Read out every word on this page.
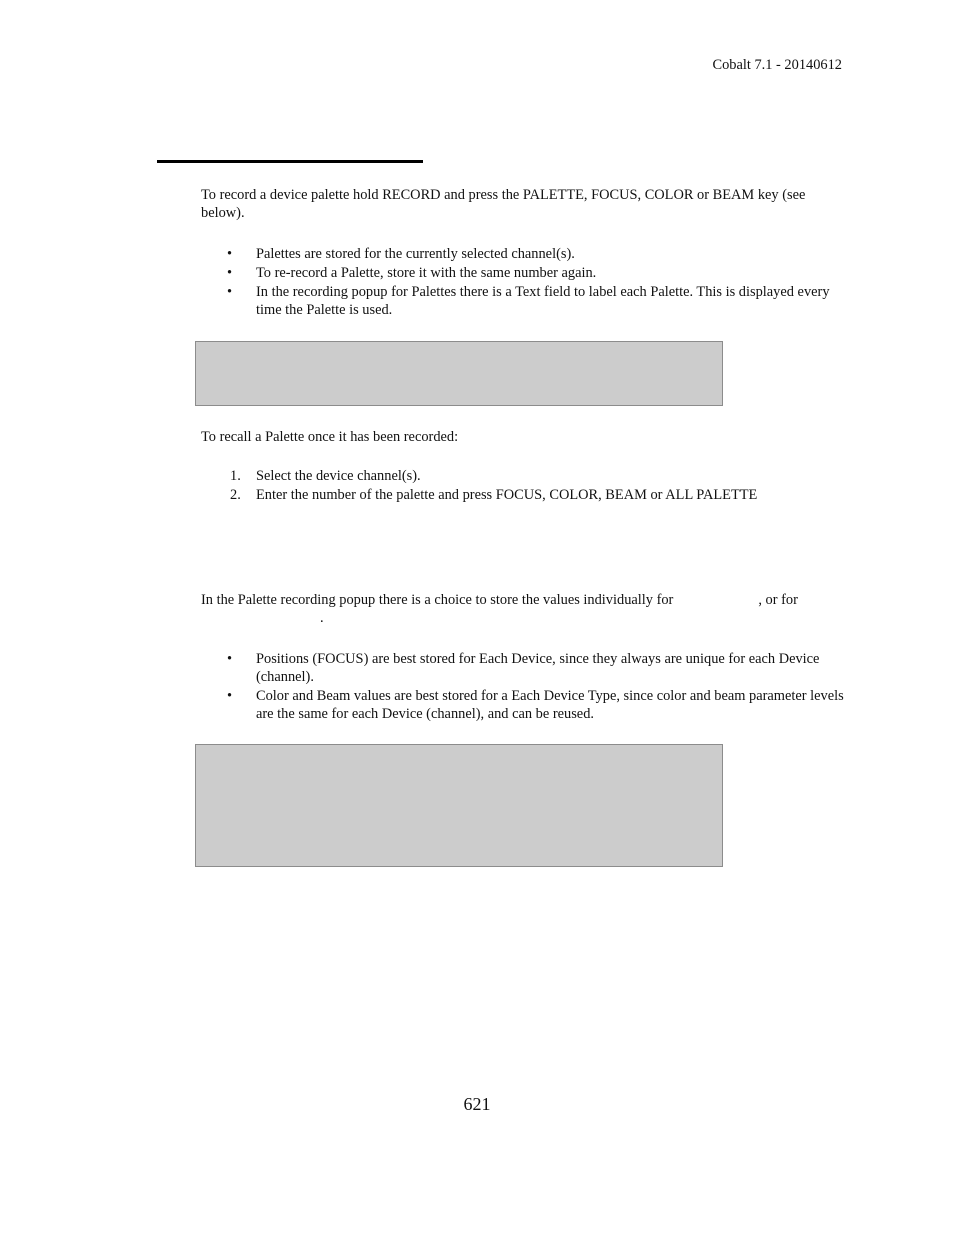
Cobalt 7.1 - 20140612
To record a device palette hold RECORD and press the PALETTE, FOCUS, COLOR or BEAM key (see below).
• Palettes are stored for the currently selected channel(s).
• To re-record a Palette, store it with the same number again.
• In the recording popup for Palettes there is a Text field to label each Palette. This is displayed every time the Palette is used.
To recall a Palette once it has been recorded:
1. Select the device channel(s).
2. Enter the number of the palette and press FOCUS, COLOR, BEAM or ALL PALETTE
In the Palette recording popup there is a choice to store the values individually for	, or for
.
• Positions (FOCUS) are best stored for Each Device, since they always are unique for each Device (channel).
• Color and Beam values are best stored for a Each Device Type, since color and beam parameter levels are the same for each Device (channel), and can be reused.
621
